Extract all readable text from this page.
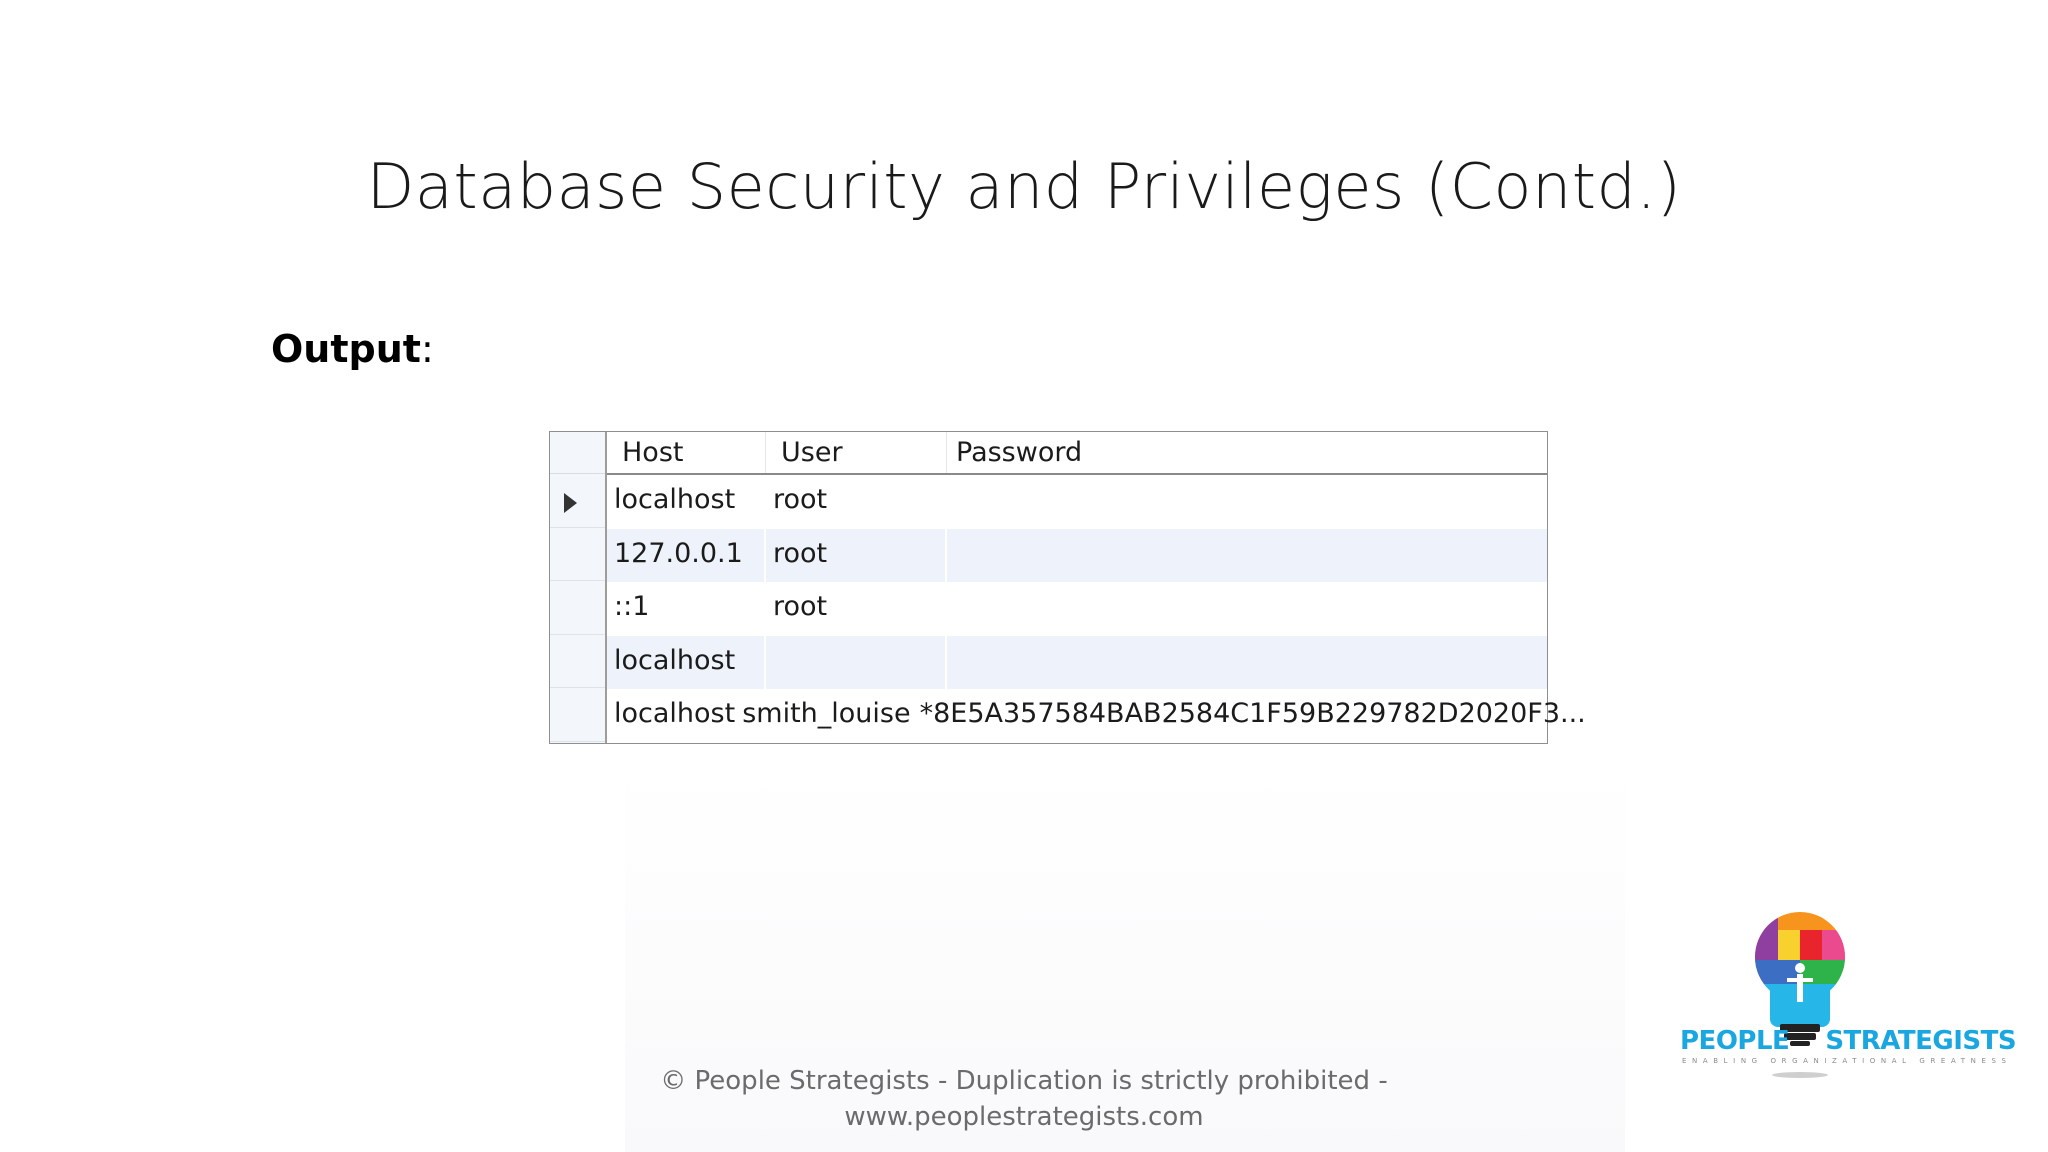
Database Security and Privileges (Contd.)
Output:
Host	User	Password
localhost	root
127.0.0.1	root
::1	root
localhost
localhost smith_louise *8E5A357584BAB2584C1F59B229782D2020F3...
© People Strategists - Duplication is strictly prohibited -
www.peoplestrategists.com
PEOPLE STRATEGISTS
ENABLING ORGANIZATIONAL GREATNESS
